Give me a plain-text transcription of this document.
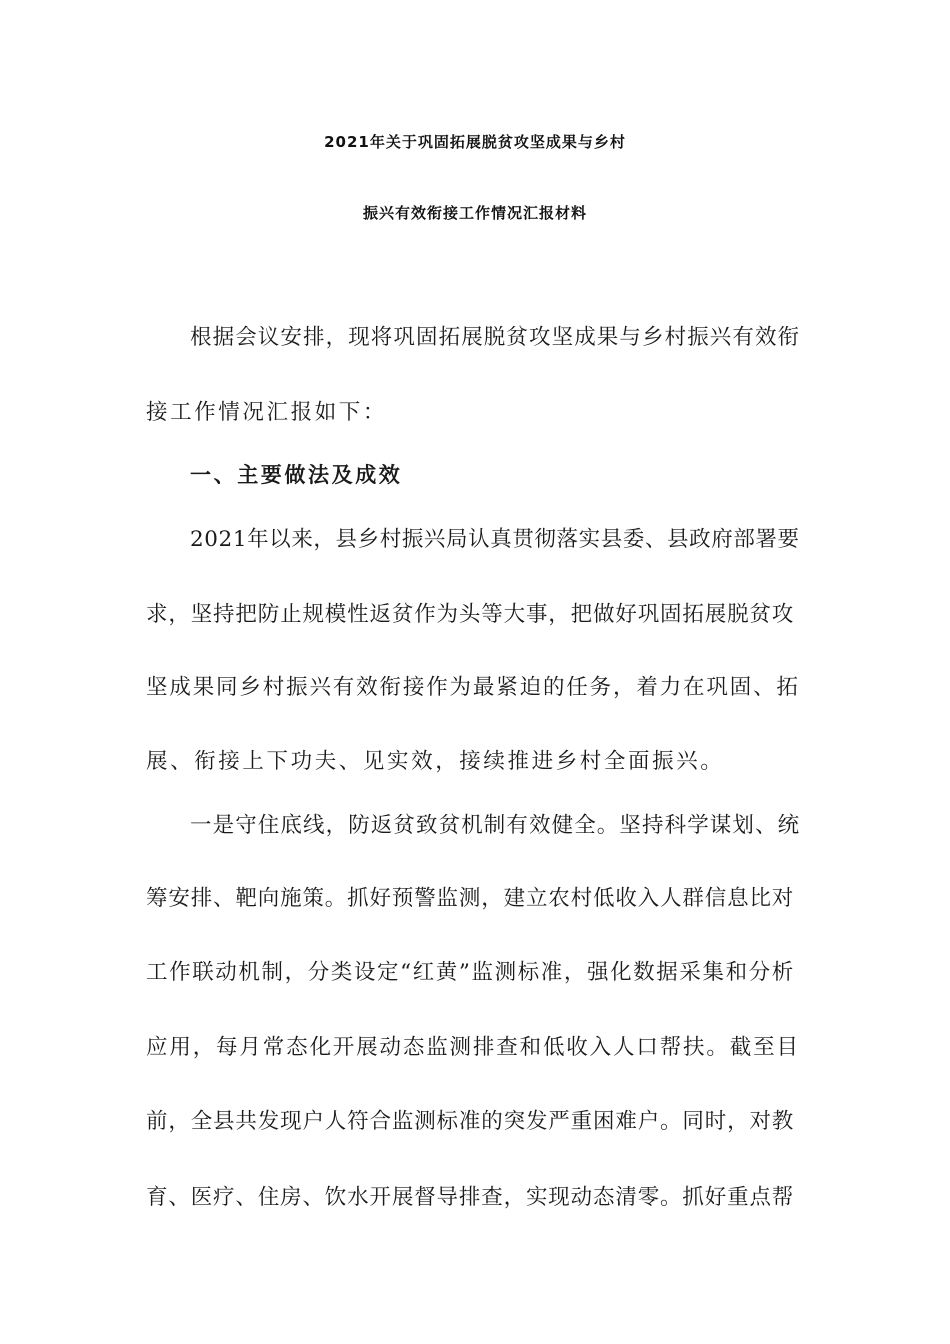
2021年关于巩固拓展脱贫攻坚成果与乡村
振兴有效衔接工作情况汇报材料
根据会议安排，现将巩固拓展脱贫攻坚成果与乡村振兴有效衔
接工作情况汇报如下：
一、主要做法及成效
2021年以来，县乡村振兴局认真贯彻落实县委、县政府部署要
求，坚持把防止规模性返贫作为头等大事，把做好巩固拓展脱贫攻
坚成果同乡村振兴有效衔接作为最紧迫的任务，着力在巩固、拓
展、衔接上下功夫、见实效，接续推进乡村全面振兴。
一是守住底线，防返贫致贫机制有效健全。坚持科学谋划、统
筹安排、靶向施策。抓好预警监测，建立农村低收入人群信息比对
工作联动机制，分类设定“红黄”监测标准，强化数据采集和分析
应用，每月常态化开展动态监测排查和低收入人口帮扶。截至目
前，全县共发现户人符合监测标准的突发严重困难户。同时，对教
育、医疗、住房、饮水开展督导排查，实现动态清零。抓好重点帮
